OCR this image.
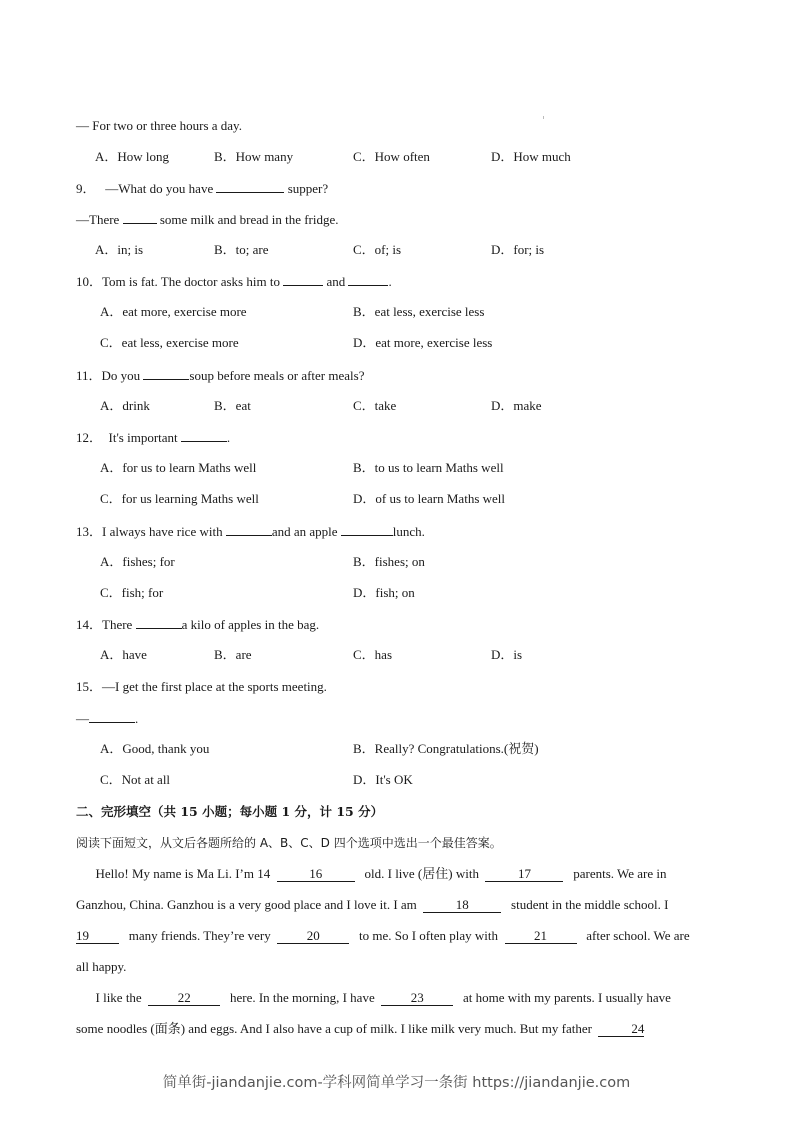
— For two or three hours a day.
A．How long	B．How many	C．How often	D．How much
9． —What do you have	supper?
—There	some milk and bread in the fridge.
A．in; is	B．to; are	C．of; is	D．for; is
10．Tom is fat. The doctor asks him to	and	.
A．eat more, exercise more	B．eat less, exercise less
C．eat less, exercise more	D．eat more, exercise less
11．Do you	soup before meals or after meals?
A．drink	B．eat	C．take	D．make
12． It's important	.
A．for us to learn Maths well	B．to us to learn Maths well
C．for us learning Maths well	D．of us to learn Maths well
13．I always have rice with	and an apple	lunch.
A．fishes; for	B．fishes; on
C．fish; for	D．fish; on
14．There	a kilo of apples in the bag.
A．have	B．are	C．has	D．is
15．—I get the first place at the sports meeting.
—	.
A．Good, thank you	B．Really? Congratulations.(祝贺)
C．Not at all	D．It's OK
二、完形填空（共 15 小题；每小题 1 分，计 15 分）
阅读下面短文，从文后各题所给的 A、B、C、D 四个选项中选出一个最佳答案。
Hello! My name is Ma Li. I’m 14	16	old. I live (居住) with	17	parents. We are in
Ganzhou, China. Ganzhou is a very good place and I love it. I am	18	student in the middle school. I
19	many friends. They’re very	20	to me. So I often play with	21	after school. We are
all happy.
I like the	22	here. In the morning, I have	23	at home with my parents. I usually have
some noodles (面条) and eggs. And I also have a cup of milk. I like milk very much. But my father	24
简单街-jiandanjie.com-学科网简单学习一条街 https://jiandanjie.com
